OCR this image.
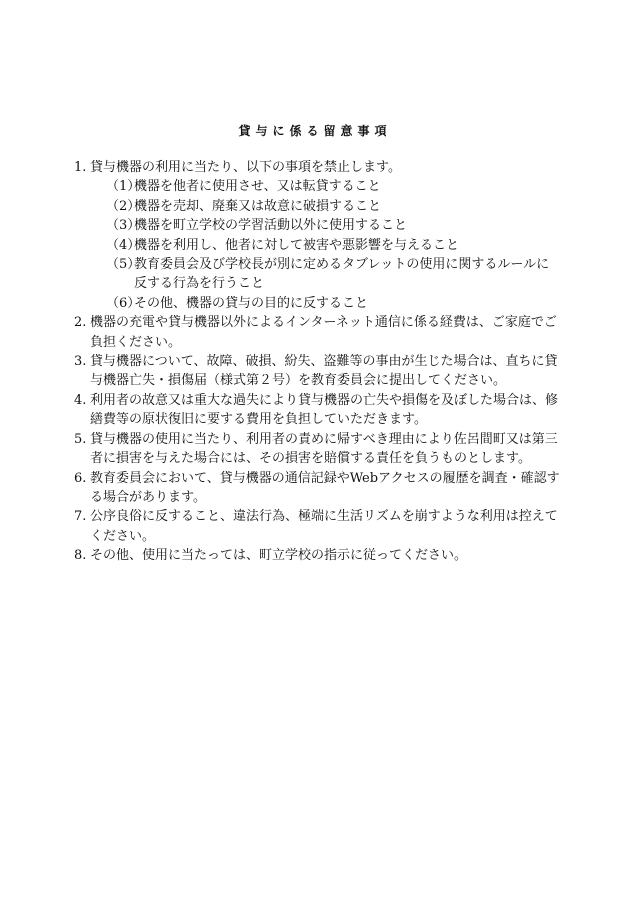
貸与に係る留意事項
1. 貸与機器の利用に当たり、以下の事項を禁止します。
（1）
機器を他者に使用させ、又は転貸すること
（2）
機器を売却、廃棄又は故意に破損すること
（3）
機器を町立学校の学習活動以外に使用すること
（4）
機器を利用し、他者に対して被害や悪影響を与えること
（5）
教育委員会及び学校長が別に定めるタブレットの使用に関するルールに反する行為を行うこと
（6）
その他、機器の貸与の目的に反すること
2. 機器の充電や貸与機器以外によるインターネット通信に係る経費は、ご家庭でご負担ください。
3. 貸与機器について、故障、破損、紛失、盗難等の事由が生じた場合は、直ちに貸与機器亡失・損傷届（様式第２号）を教育委員会に提出してください。
4. 利用者の故意又は重大な過失により貸与機器の亡失や損傷を及ぼした場合は、修繕費等の原状復旧に要する費用を負担していただきます。
5. 貸与機器の使用に当たり、利用者の責めに帰すべき理由により佐呂間町又は第三者に損害を与えた場合には、その損害を賠償する責任を負うものとします。
6. 教育委員会において、貸与機器の通信記録やWebアクセスの履歴を調査・確認する場合があります。
7. 公序良俗に反すること、違法行為、極端に生活リズムを崩すような利用は控えてください。
8. その他、使用に当たっては、町立学校の指示に従ってください。
